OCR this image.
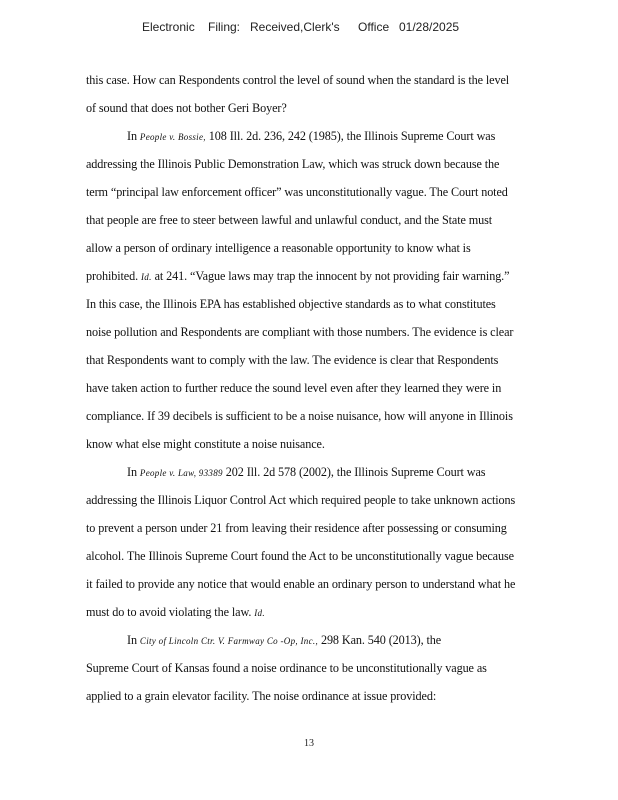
Electronic Filing: Received,Clerk's Office 01/28/2025
this case. How can Respondents control the level of sound when the standard is the level
of sound that does not bother Geri Boyer?
In People v. Bossie, 108 Ill. 2d. 236, 242 (1985), the Illinois Supreme Court was
addressing the Illinois Public Demonstration Law, which was struck down because the
term “principal law enforcement officer” was unconstitutionally vague. The Court noted
that people are free to steer between lawful and unlawful conduct, and the State must
allow a person of ordinary intelligence a reasonable opportunity to know what is
prohibited. Id. at 241. “Vague laws may trap the innocent by not providing fair warning.”
In this case, the Illinois EPA has established objective standards as to what constitutes
noise pollution and Respondents are compliant with those numbers. The evidence is clear
that Respondents want to comply with the law. The evidence is clear that Respondents
have taken action to further reduce the sound level even after they learned they were in
compliance. If 39 decibels is sufficient to be a noise nuisance, how will anyone in Illinois
know what else might constitute a noise nuisance.
In People v. Law, 93389 202 Ill. 2d 578 (2002), the Illinois Supreme Court was
addressing the Illinois Liquor Control Act which required people to take unknown actions
to prevent a person under 21 from leaving their residence after possessing or consuming
alcohol. The Illinois Supreme Court found the Act to be unconstitutionally vague because
it failed to provide any notice that would enable an ordinary person to understand what he
must do to avoid violating the law. Id.
In City of Lincoln Ctr. V. Farmway Co -Op, Inc., 298 Kan. 540 (2013), the
Supreme Court of Kansas found a noise ordinance to be unconstitutionally vague as
applied to a grain elevator facility. The noise ordinance at issue provided:
13
